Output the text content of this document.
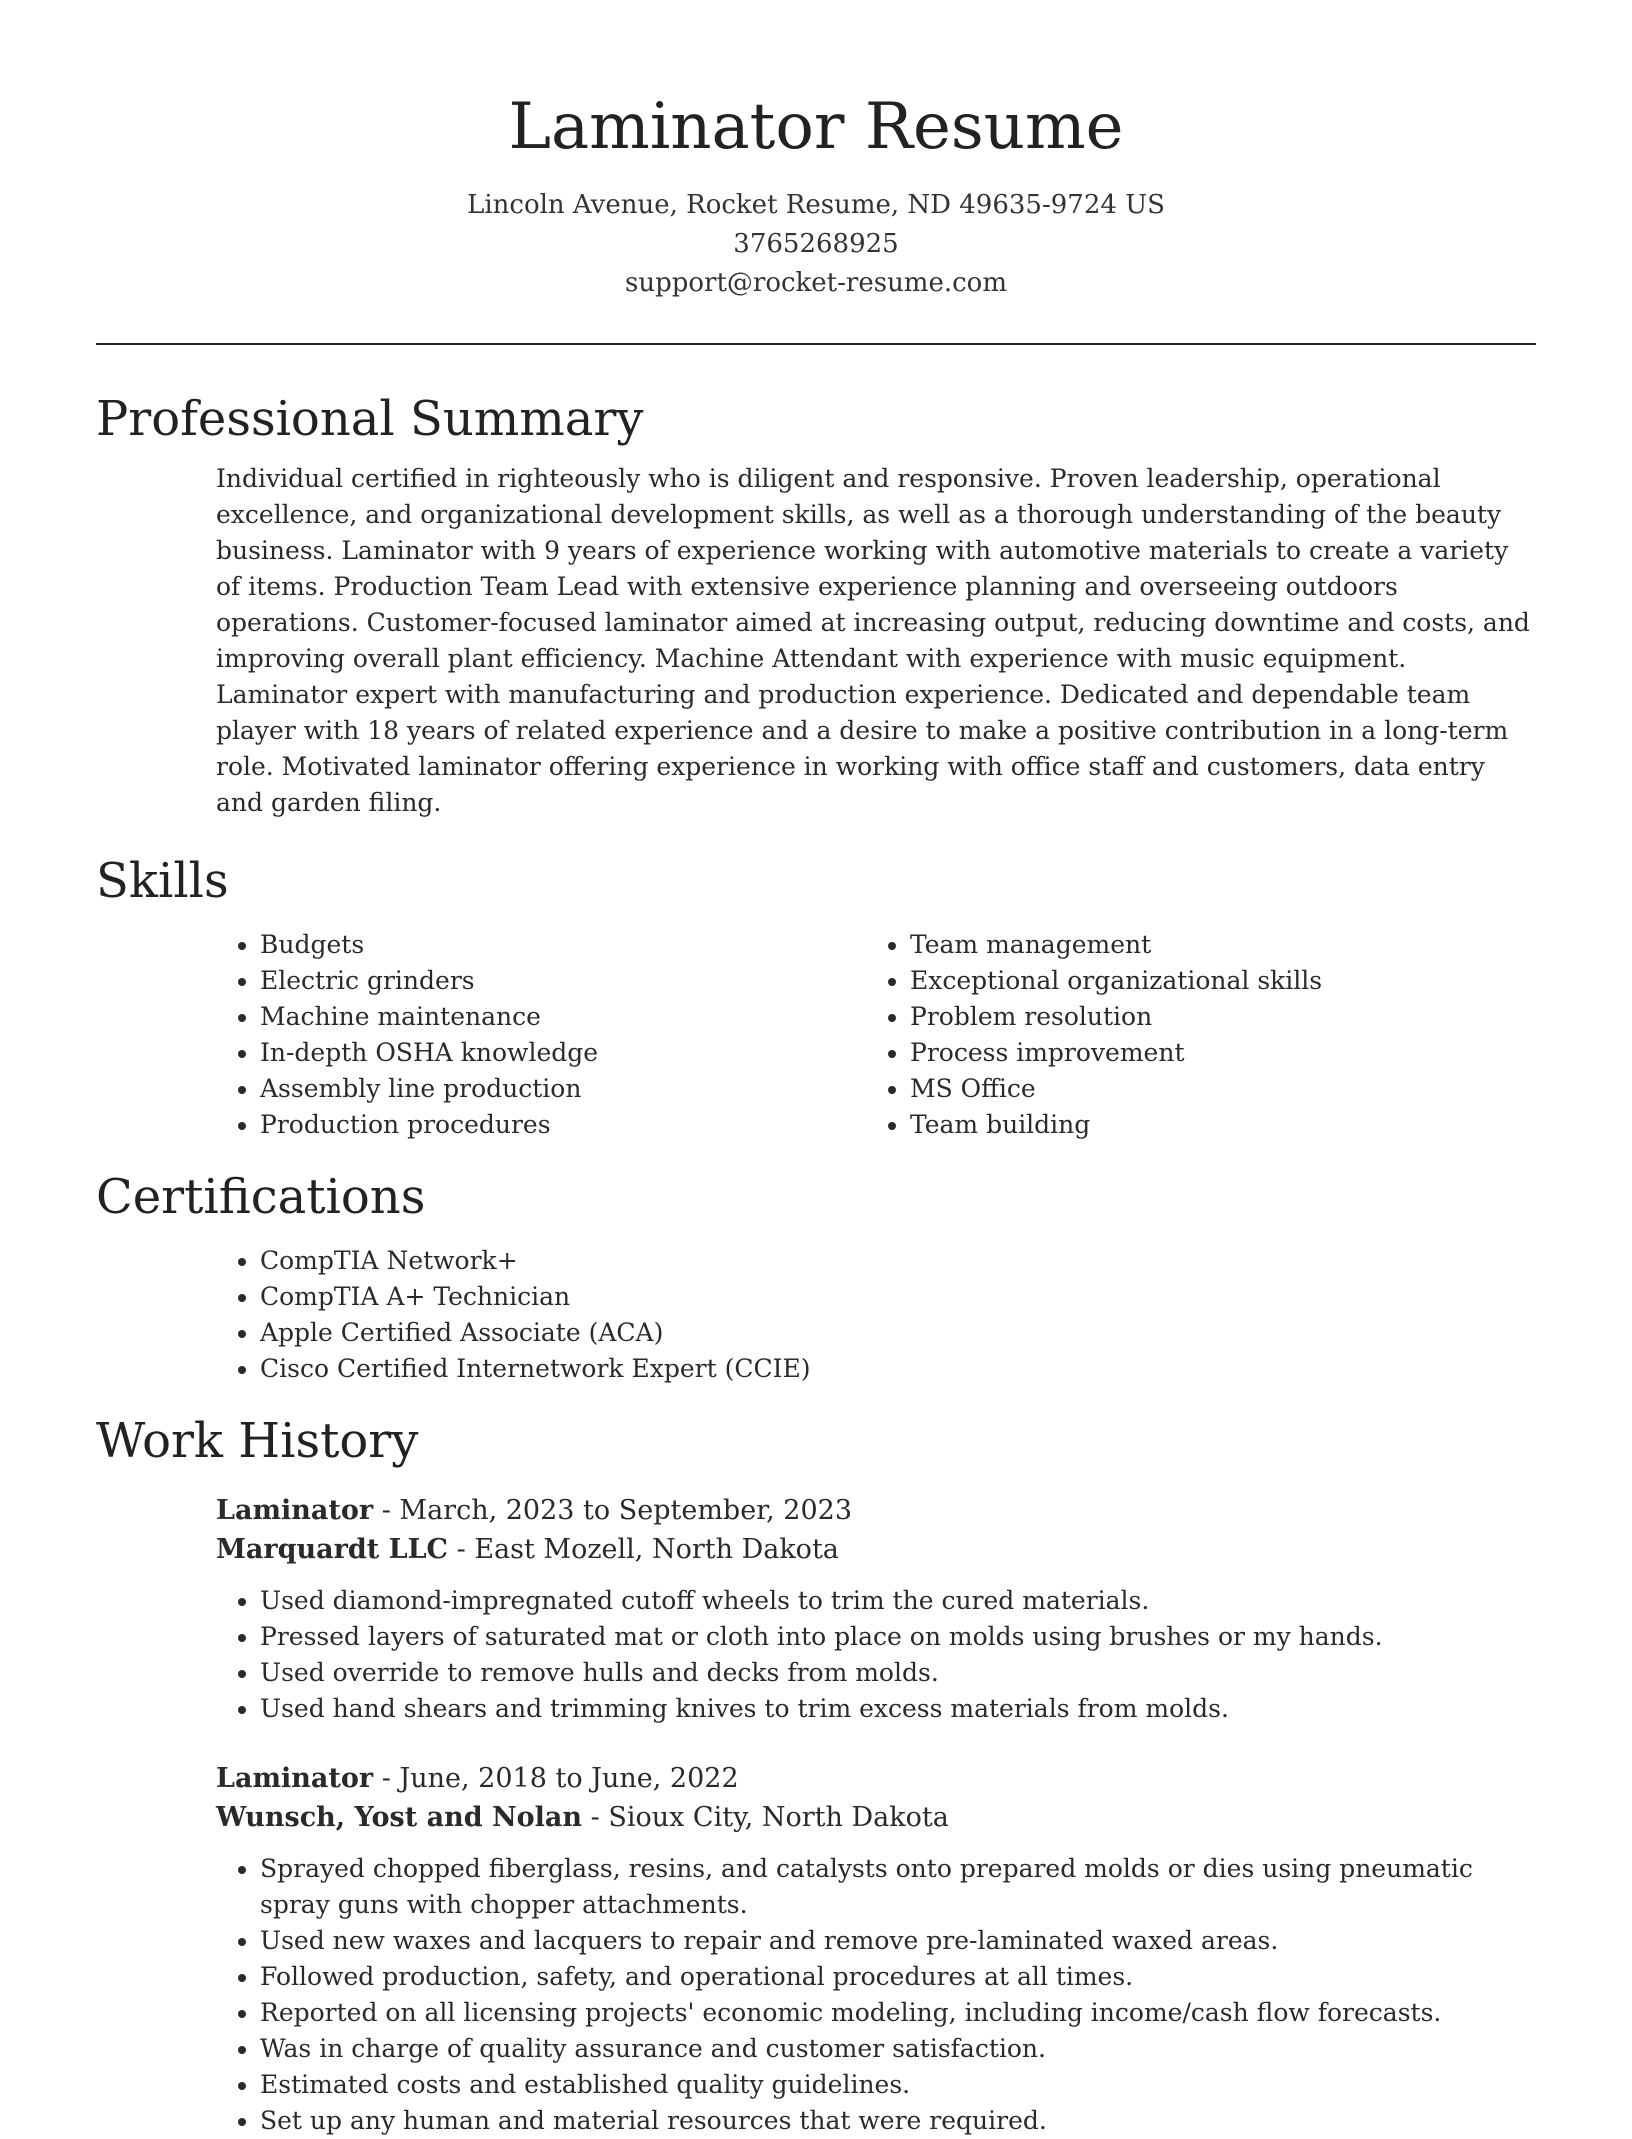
Laminator Resume
Lincoln Avenue, Rocket Resume, ND 49635-9724 US
3765268925
support@rocket-resume.com
Professional Summary

Individual certified in righteously who is diligent and responsive. Proven leadership, operational excellence, and organizational development skills, as well as a thorough understanding of the beauty business. Laminator with 9 years of experience working with automotive materials to create a variety of items. Production Team Lead with extensive experience planning and overseeing outdoors operations. Customer-focused laminator aimed at increasing output, reducing downtime and costs, and improving overall plant efficiency. Machine Attendant with experience with music equipment. Laminator expert with manufacturing and production experience. Dedicated and dependable team player with 18 years of related experience and a desire to make a positive contribution in a long-term role. Motivated laminator offering experience in working with office staff and customers, data entry and garden filing.

Skills
• Budgets
• Electric grinders
• Machine maintenance
• In-depth OSHA knowledge
• Assembly line production
• Production procedures
• Team management
• Exceptional organizational skills
• Problem resolution
• Process improvement
• MS Office
• Team building
Certifications
• CompTIA Network+
• CompTIA A+ Technician
• Apple Certified Associate (ACA)
• Cisco Certified Internetwork Expert (CCIE)
Work History
Laminator - March, 2023 to September, 2023
Marquardt LLC - East Mozell, North Dakota
• Used diamond-impregnated cutoff wheels to trim the cured materials.
• Pressed layers of saturated mat or cloth into place on molds using brushes or my hands.
• Used override to remove hulls and decks from molds.
• Used hand shears and trimming knives to trim excess materials from molds.
Laminator - June, 2018 to June, 2022
Wunsch, Yost and Nolan - Sioux City, North Dakota
• Sprayed chopped fiberglass, resins, and catalysts onto prepared molds or dies using pneumatic spray guns with chopper attachments.
• Used new waxes and lacquers to repair and remove pre-laminated waxed areas.
• Followed production, safety, and operational procedures at all times.
• Reported on all licensing projects' economic modeling, including income/cash flow forecasts.
• Was in charge of quality assurance and customer satisfaction.
• Estimated costs and established quality guidelines.
• Set up any human and material resources that were required.
